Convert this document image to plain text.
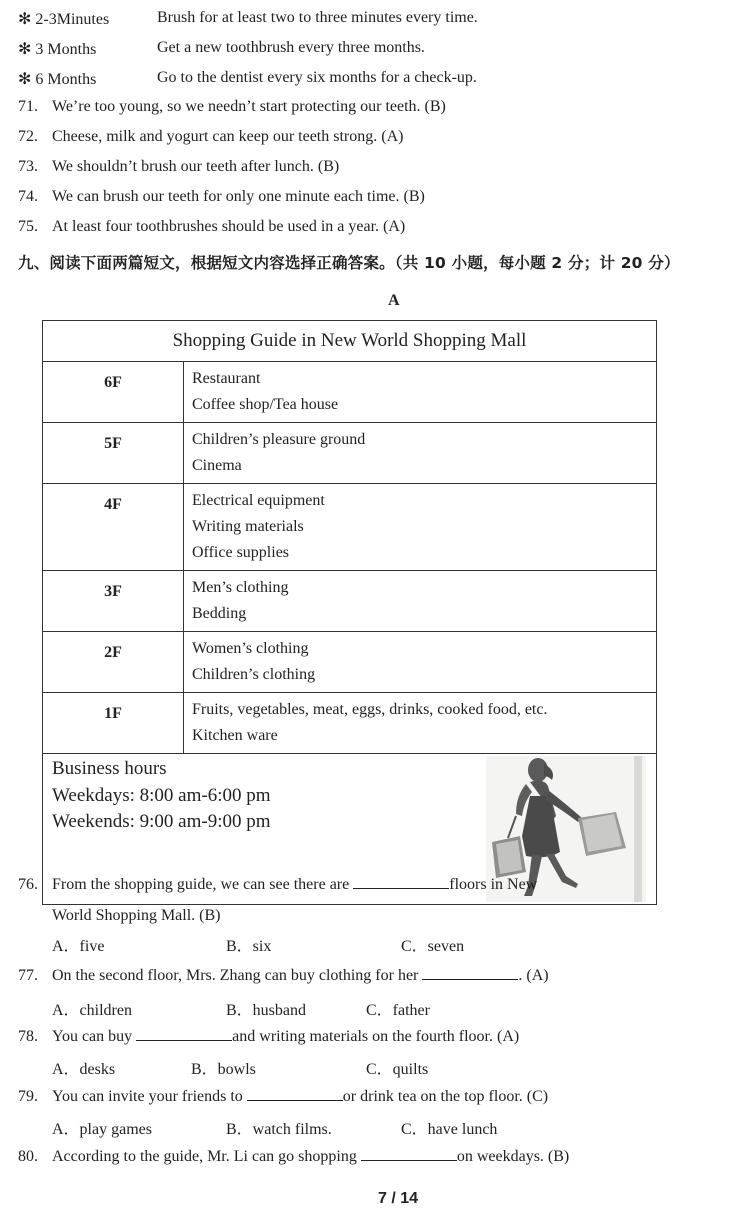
✻ 2-3Minutes	Brush for at least two to three minutes every time.
✻ 3 Months	Get a new toothbrush every three months.
✻ 6 Months	Go to the dentist every six months for a check-up.
71. We’re too young, so we needn’t start protecting our teeth. (B)
72. Cheese, milk and yogurt can keep our teeth strong. (A)
73. We shouldn’t brush our teeth after lunch. (B)
74. We can brush our teeth for only one minute each time. (B)
75. At least four toothbrushes should be used in a year. (A)
九、阅读下面两篇短文，根据短文内容选择正确答案。（共 10 小题，每小题 2 分；计 20 分）
A
Shopping Guide in New World Shopping Mall	
6F	Restaurant
Coffee shop/Tea house

5F	Children’s pleasure ground
Cinema

4F	Electrical equipment
Writing materials
Office supplies

3F	Men’s clothing
Bedding

2F	Women’s clothing
Children’s clothing

1F	Fruits, vegetables, meat, eggs, drinks, cooked food, etc.
Kitchen ware

Business hours
Weekdays: 8:00 am-6:00 pm
Weekends: 9:00 am-9:00 pm	
76. From the shopping guide, we can see there are	floors in New
World Shopping Mall. (B)
A．five	B．six	C．seven
77. On the second floor, Mrs. Zhang can buy clothing for her	. (A)
A．children	B．husband	C．father
78. You can buy	and writing materials on the fourth floor. (A)
A．desks	B．bowls	C．quilts
79. You can invite your friends to	or drink tea on the top floor. (C)
A．play games	B．watch films.	C．have lunch
80. According to the guide, Mr. Li can go shopping	on weekdays. (B)
7 / 14
